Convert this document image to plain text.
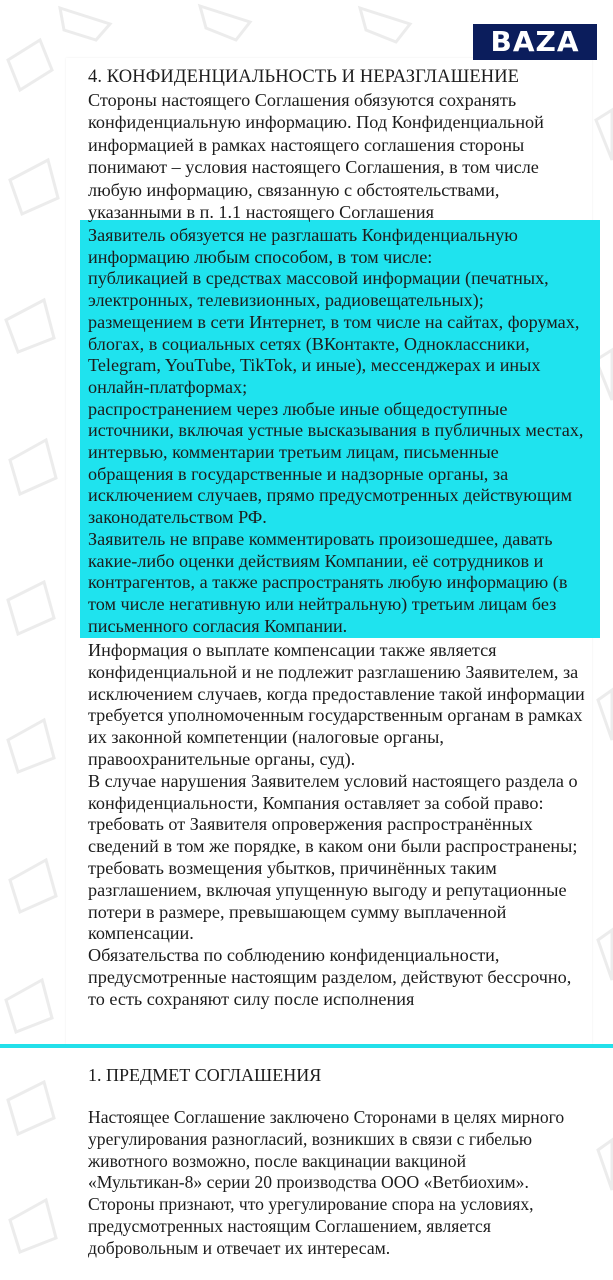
BAZA
4. КОНФИДЕНЦИАЛЬНОСТЬ И НЕРАЗГЛАШЕНИЕ
Стороны настоящего Соглашения обязуются сохранять конфиденциальную информацию. Под Конфиденциальной информацией в рамках настоящего соглашения стороны понимают – условия настоящего Соглашения, в том числе любую информацию, связанную с обстоятельствами, указанными в п. 1.1 настоящего Соглашения

Заявитель обязуется не разглашать Конфиденциальную информацию любым способом, в том числе:

публикацией в средствах массовой информации (печатных, электронных, телевизионных, радиовещательных);

размещением в сети Интернет, в том числе на сайтах, форумах, блогах, в социальных сетях (ВКонтакте, Одноклассники, Telegram, YouTube, TikTok, и иные), мессенджерах и иных онлайн-платформах;

распространением через любые иные общедоступные источники, включая устные высказывания в публичных местах, интервью, комментарии третьим лицам, письменные обращения в государственные и надзорные органы, за исключением случаев, прямо предусмотренных действующим законодательством РФ.

Заявитель не вправе комментировать произошедшее, давать какие-либо оценки действиям Компании, её сотрудников и контрагентов, а также распространять любую информацию (в том числе негативную или нейтральную) третьим лицам без письменного согласия Компании.

Информация о выплате компенсации также является конфиденциальной и не подлежит разглашению Заявителем, за исключением случаев, когда предоставление такой информации требуется уполномоченным государственным органам в рамках их законной компетенции (налоговые органы, правоохранительные органы, суд).

В случае нарушения Заявителем условий настоящего раздела о конфиденциальности, Компания оставляет за собой право:

требовать от Заявителя опровержения распространённых сведений в том же порядке, в каком они были распространены;

требовать возмещения убытков, причинённых таким разглашением, включая упущенную выгоду и репутационные потери в размере, превышающем сумму выплаченной компенсации.

Обязательства по соблюдению конфиденциальности, предусмотренные настоящим разделом, действуют бессрочно, то есть сохраняют силу после исполнения

1. ПРЕДМЕТ СОГЛАШЕНИЯ
Настоящее Соглашение заключено Сторонами в целях мирного урегулирования разногласий, возникших в связи с гибелью животного возможно, после вакцинации вакциной «Мультикан-8» серии 20 производства ООО «Ветбиохим». Стороны признают, что урегулирование спора на условиях, предусмотренных настоящим Соглашением, является добровольным и отвечает их интересам.
